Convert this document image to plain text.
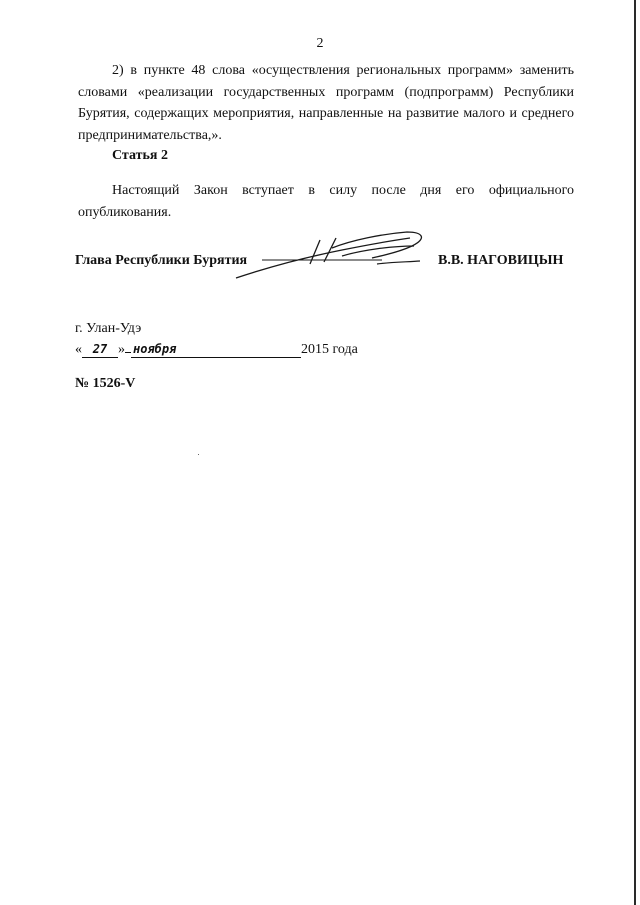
2

2) в пункте 48 слова «осуществления региональных программ» заменить словами «реализации государственных программ (подпрограмм) Республики Бурятия, содержащих мероприятия, направленные на развитие малого и среднего предпринимательства,».

Статья 2

Настоящий Закон вступает в силу после дня его официального опубликования.

Глава Республики Бурятия	В.В. НАГОВИЦЫН
г. Улан-Удэ
« 27 » ноября	2015 года
№ 1526-V
